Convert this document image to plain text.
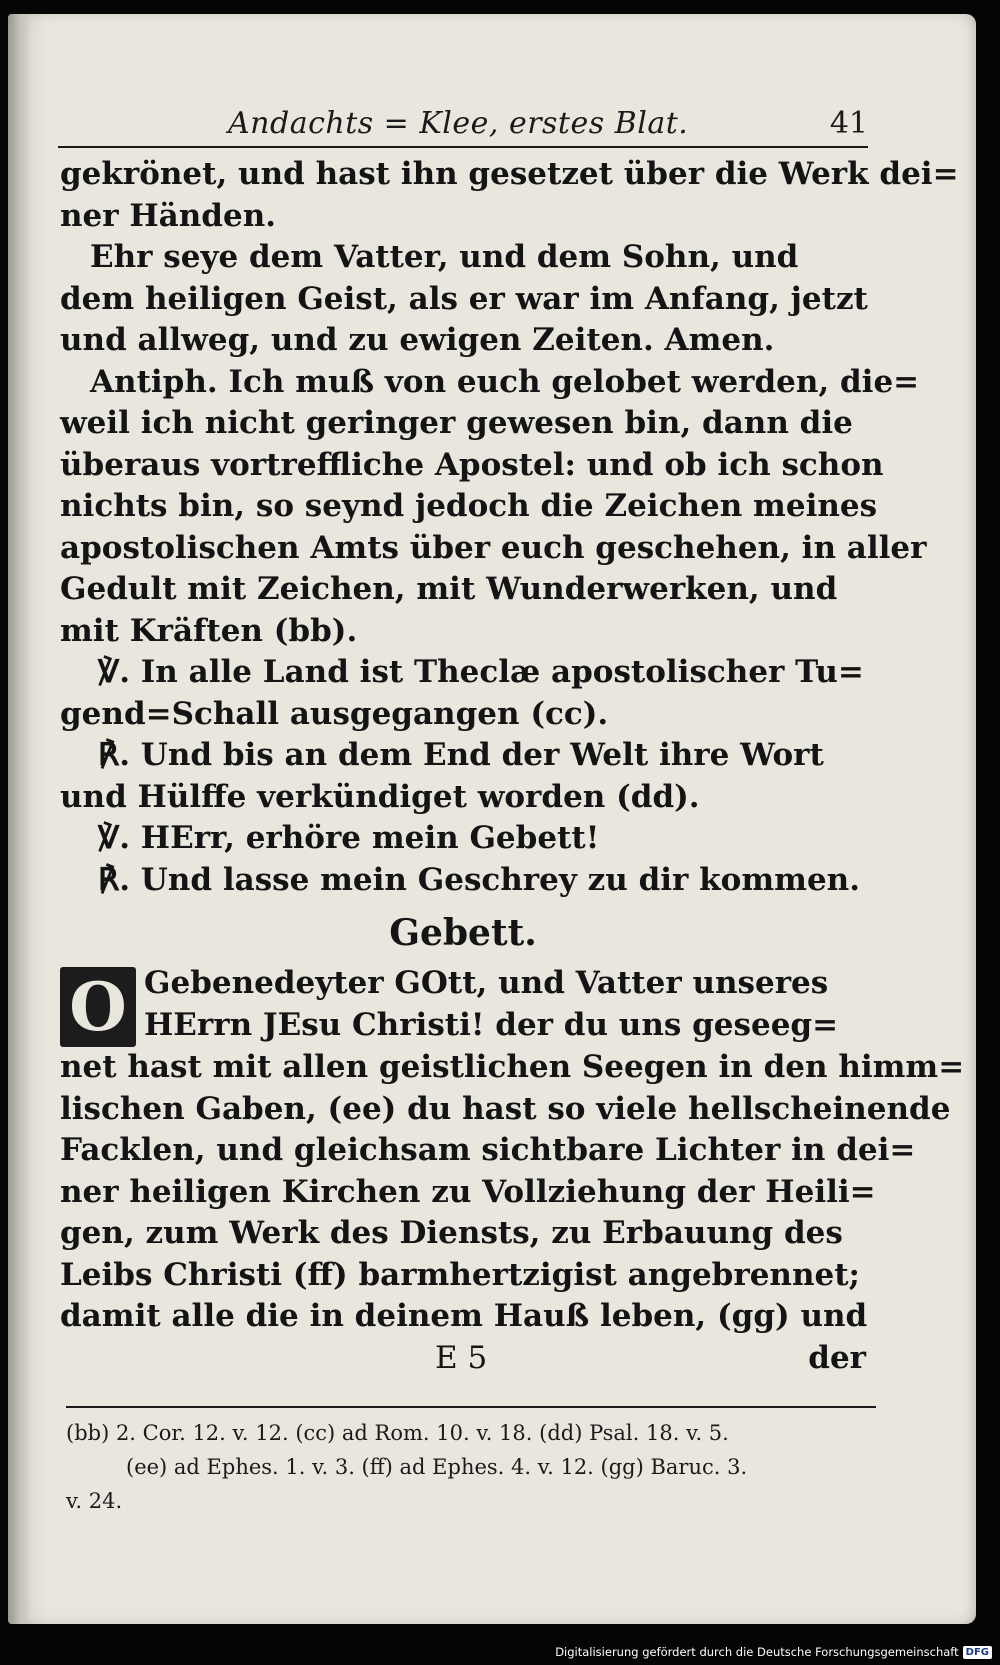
Andachts = Klee, erstes Blat.	41
gekrönet, und hast ihn gesetzet über die Werk dei=
ner Händen.
Ehr seye dem Vatter, und dem Sohn, und
dem heiligen Geist, als er war im Anfang, jetzt
und allweg, und zu ewigen Zeiten. Amen.
Antiph. Ich muß von euch gelobet werden, die=
weil ich nicht geringer gewesen bin, dann die
überaus vortreffliche Apostel: und ob ich schon
nichts bin, so seynd jedoch die Zeichen meines
apostolischen Amts über euch geschehen, in aller
Gedult mit Zeichen, mit Wunderwerken, und
mit Kräften (bb).
℣. In alle Land ist Theclæ apostolischer Tu=
gend=Schall ausgegangen (cc).
℟. Und bis an dem End der Welt ihre Wort
und Hülffe verkündiget worden (dd).
℣. HErr, erhöre mein Gebett!
℟. Und lasse mein Geschrey zu dir kommen.
Gebett.
O Gebenedeyter GOtt, und Vatter unseres
HErrn JEsu Christi! der du uns geseeg=
net hast mit allen geistlichen Seegen in den himm=
lischen Gaben, (ee) du hast so viele hellscheinende
Facklen, und gleichsam sichtbare Lichter in dei=
ner heiligen Kirchen zu Vollziehung der Heili=
gen, zum Werk des Diensts, zu Erbauung des
Leibs Christi (ff) barmhertzigist angebrennet;
damit alle die in deinem Hauß leben, (gg) und
E 5	der
(bb) 2. Cor. 12. v. 12. (cc) ad Rom. 10. v. 18. (dd) Psal. 18. v. 5.
(ee) ad Ephes. 1. v. 3. (ff) ad Ephes. 4. v. 12. (gg) Baruc. 3.
v. 24.
Digitalisierung gefördert durch die Deutsche Forschungsgemeinschaft DFG
